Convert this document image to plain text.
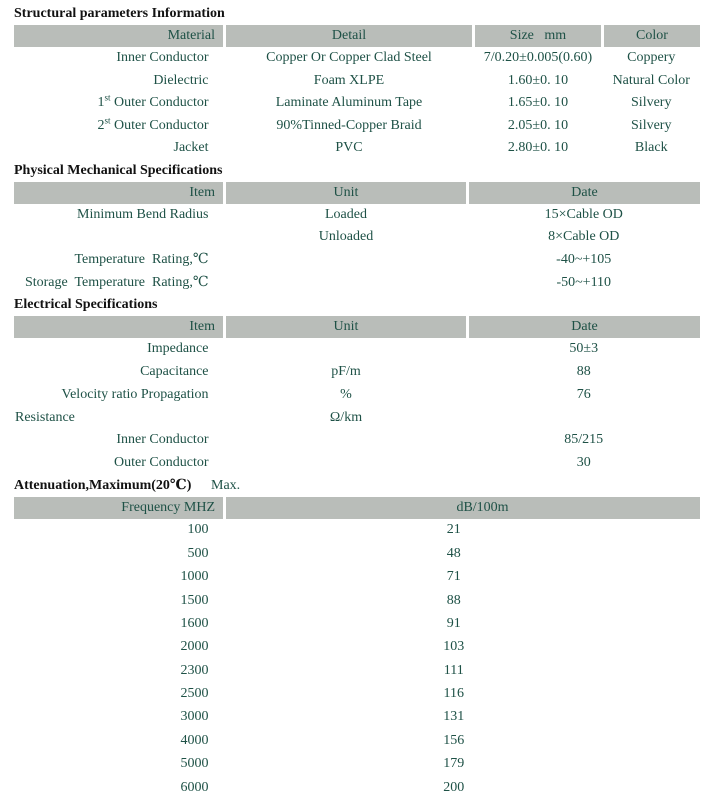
Structural parameters Information
Material	Detail	Size   mm	Color
Inner Conductor	Copper Or Copper Clad Steel	7/0.20±0.005(0.60)	Coppery
Dielectric	Foam XLPE	1.60±0. 10	Natural Color
1st Outer Conductor	Laminate Aluminum Tape	1.65±0. 10	Silvery
2st Outer Conductor	90%Tinned-Copper Braid	2.05±0. 10	Silvery
Jacket	PVC	2.80±0. 10	Black
Physical Mechanical Specifications
Item	Unit	Date
Minimum Bend Radius	Loaded	15×Cable OD
	Unloaded	8×Cable OD
Temperature  Rating,℃		-40~+105
Storage  Temperature  Rating,℃		-50~+110
Electrical Specifications
Item	Unit	Date
Impedance		50±3
Capacitance	pF/m	88
Velocity ratio Propagation	%	76
Resistance	Ω/km	
Inner Conductor		85/215
Outer Conductor		30
Attenuation,Maximum(20℃) Max.
Frequency MHZ	dB/100m
100	21
500	48
1000	71
1500	88
1600	91
2000	103
2300	111
2500	116
3000	131
4000	156
5000	179
6000	200
